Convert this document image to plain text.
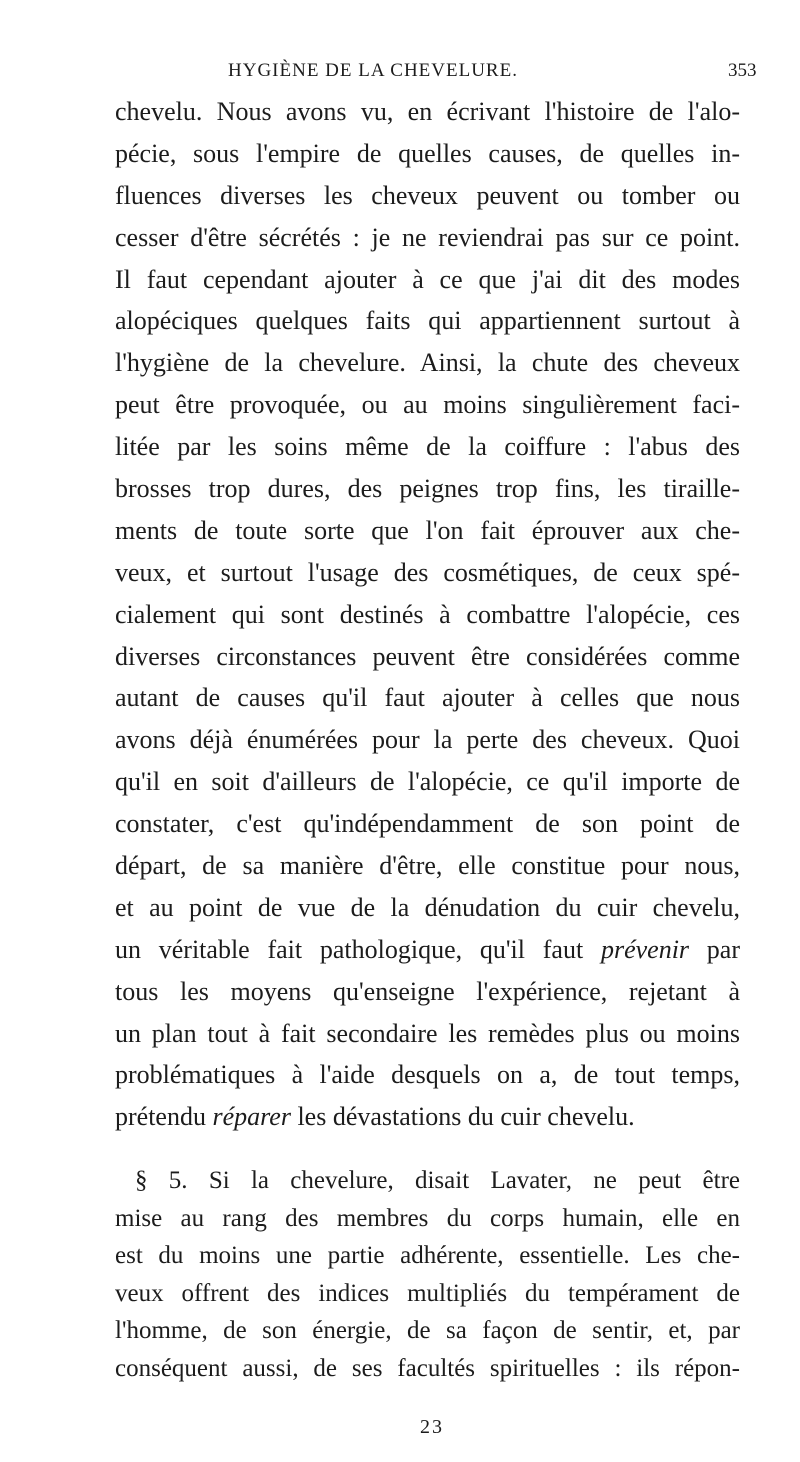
HYGIÈNE DE LA CHEVELURE.	353
chevelu. Nous avons vu, en écrivant l'histoire de l'alo-
pécie, sous l'empire de quelles causes, de quelles in-
fluences diverses les cheveux peuvent ou tomber ou
cesser d'être sécrétés : je ne reviendrai pas sur ce point.
Il faut cependant ajouter à ce que j'ai dit des modes
alopéciques quelques faits qui appartiennent surtout à
l'hygiène de la chevelure. Ainsi, la chute des cheveux
peut être provoquée, ou au moins singulièrement faci-
litée par les soins même de la coiffure : l'abus des
brosses trop dures, des peignes trop fins, les tiraille-
ments de toute sorte que l'on fait éprouver aux che-
veux, et surtout l'usage des cosmétiques, de ceux spé-
cialement qui sont destinés à combattre l'alopécie, ces
diverses circonstances peuvent être considérées comme
autant de causes qu'il faut ajouter à celles que nous
avons déjà énumérées pour la perte des cheveux. Quoi
qu'il en soit d'ailleurs de l'alopécie, ce qu'il importe de
constater, c'est qu'indépendamment de son point de
départ, de sa manière d'être, elle constitue pour nous,
et au point de vue de la dénudation du cuir chevelu,
un véritable fait pathologique, qu'il faut prévenir par
tous les moyens qu'enseigne l'expérience, rejetant à
un plan tout à fait secondaire les remèdes plus ou moins
problématiques à l'aide desquels on a, de tout temps,
prétendu réparer les dévastations du cuir chevelu.
§ 5. Si la chevelure, disait Lavater, ne peut être
mise au rang des membres du corps humain, elle en
est du moins une partie adhérente, essentielle. Les che-
veux offrent des indices multipliés du tempérament de
l'homme, de son énergie, de sa façon de sentir, et, par
conséquent aussi, de ses facultés spirituelles : ils répon-
23
